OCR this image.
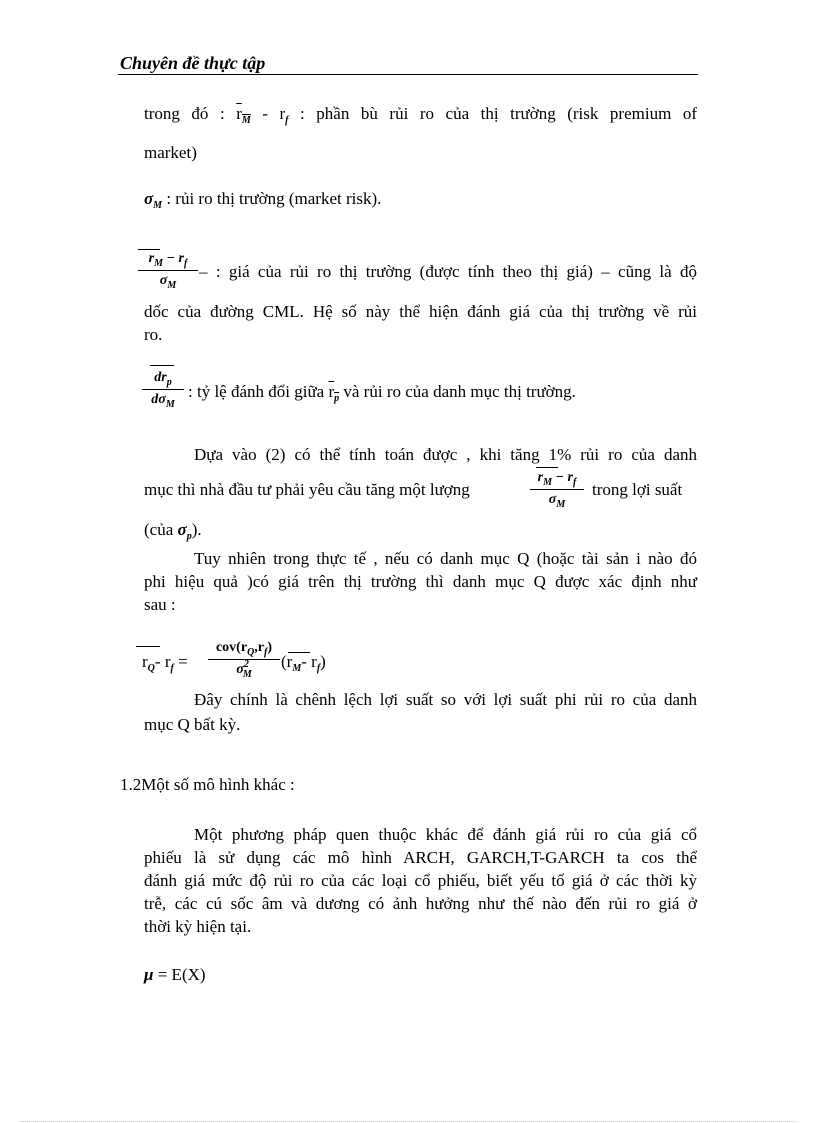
Chuyên đề thực tập
trong đó : $r_M - r_f$ : phần bù rủi ro của thị trường (risk premium of
market)
$\sigma_M$ : rủi ro thị trường (market risk).
$\frac{r_M - r_f}{\sigma_M}$ – : giá của rủi ro thị trường (được tính theo thị giá) – cũng là độ
dốc của đường CML. Hệ số này thể hiện đánh giá của thị trường về rủi
ro.
$dr_p$
$d\sigma_M$
: tỷ lệ đánh đổi giữa $r_p$ và rủi ro của danh mục thị trường.
Dựa vào (2) có thể tính toán được , khi tăng 1% rủi ro của danh
mục thì nhà đầu tư phải yêu cầu tăng một lượng	$\frac{r_M - r_f}{\sigma_M}$ trong lợi suất
(của $\sigma_p$).
Tuy nhiên trong thực tế , nếu có danh mục Q (hoặc tài sản i nào đó
phi hiệu quả )có giá trên thị trường thì danh mục Q được xác định như
sau :
$r_Q-$ $r_f$ =
$cov(r_Q,r_f)$
$\sigma^2_M$
($r_M-$ $r_f$)
Đây chính là chênh lệch lợi suất so với lợi suất phi rủi ro của danh
mục Q bất kỳ.
1.2Một số mô hình khác :
Một phương pháp quen thuộc khác để đánh giá rủi ro của giá cổ
phiếu là sử dụng các mô hình ARCH, GARCH,T-GARCH ta cos thể
đánh giá mức độ rủi ro của các loại cổ phiếu, biết yếu tố giá ở các thời kỳ
trễ, các cú sốc âm và dương có ảnh hưởng như thế nào đến rủi ro giá ở
thời kỳ hiện tại.
μ = E(X)
